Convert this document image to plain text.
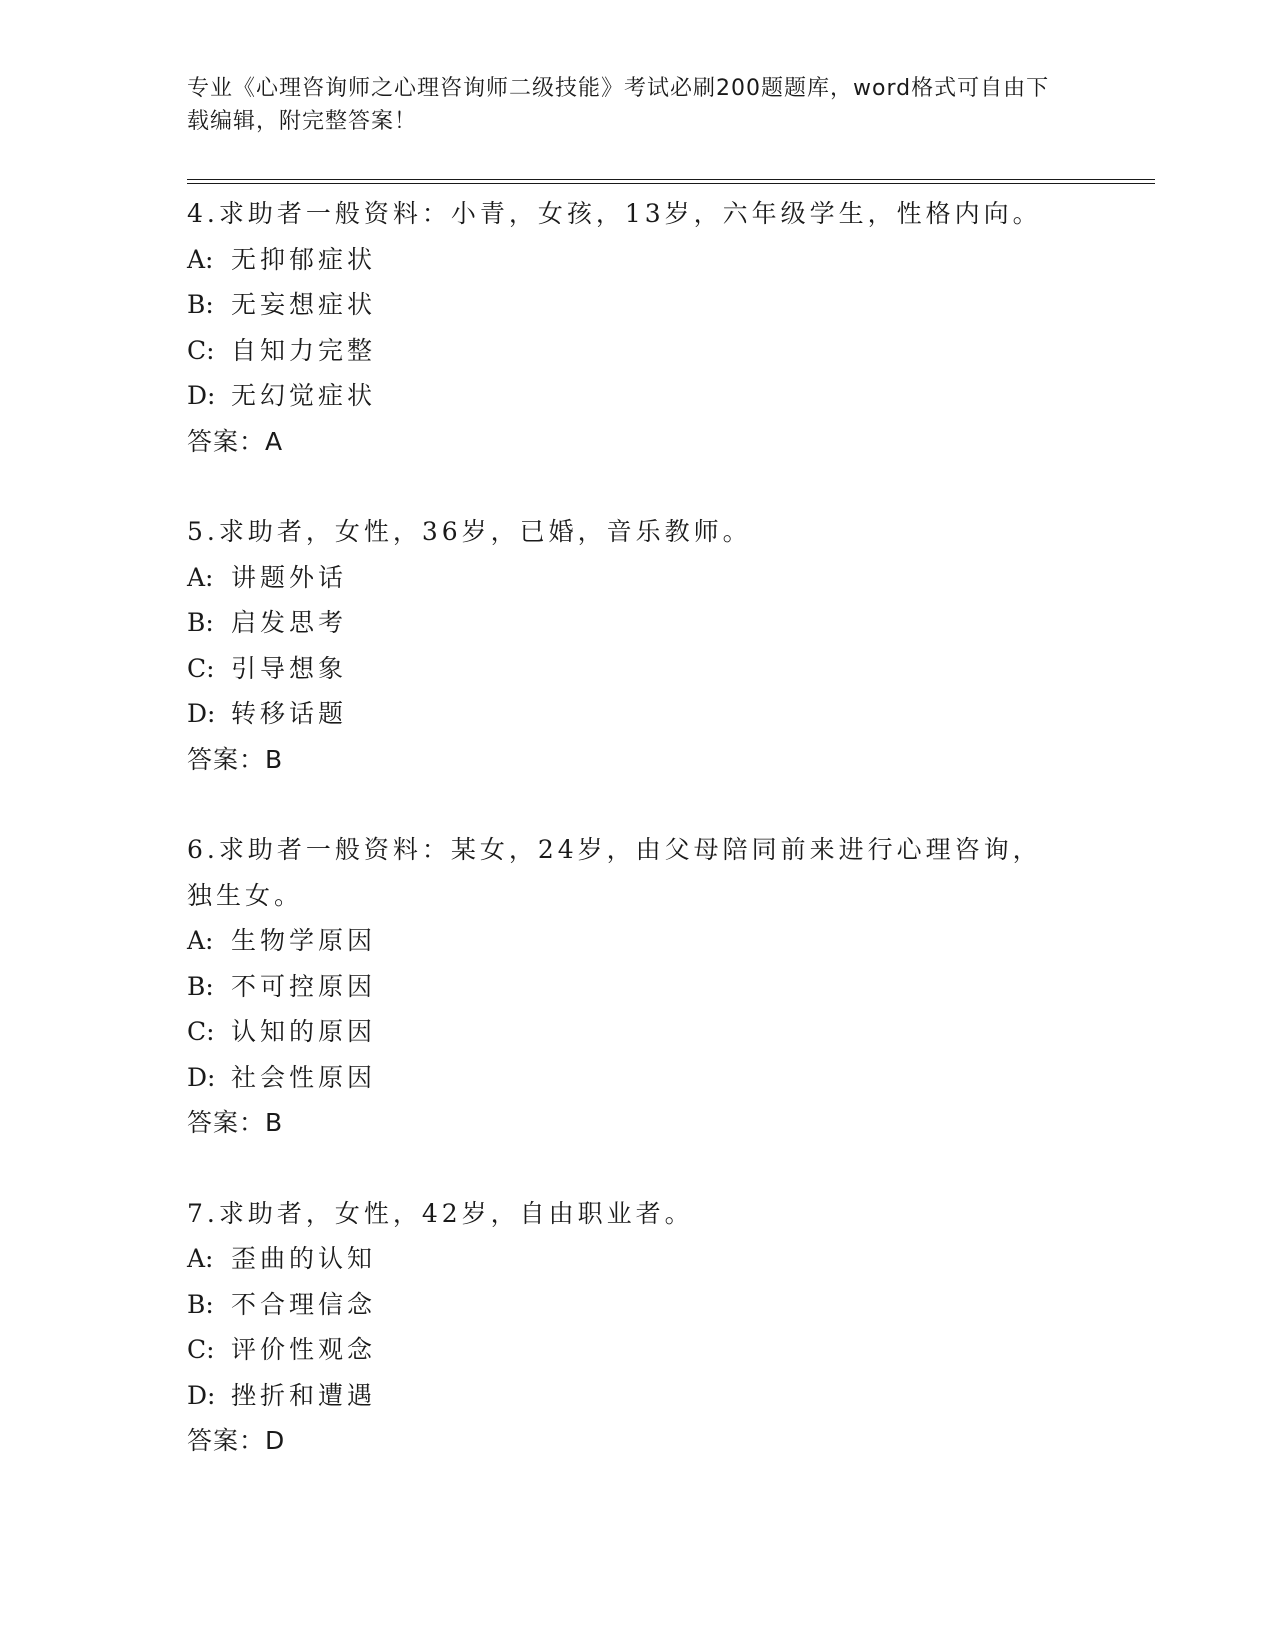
专业《心理咨询师之心理咨询师二级技能》考试必刷200题题库，word格式可自由下载编辑，附完整答案！
4.求助者一般资料：小青，女孩，13岁，六年级学生，性格内向。
A: 无抑郁症状
B: 无妄想症状
C: 自知力完整
D: 无幻觉症状
答案：A
5.求助者，女性，36岁，已婚，音乐教师。
A: 讲题外话
B: 启发思考
C: 引导想象
D: 转移话题
答案：B
6.求助者一般资料：某女，24岁，由父母陪同前来进行心理咨询，独生女。
A: 生物学原因
B: 不可控原因
C: 认知的原因
D: 社会性原因
答案：B
7.求助者，女性，42岁，自由职业者。
A: 歪曲的认知
B: 不合理信念
C: 评价性观念
D: 挫折和遭遇
答案：D
